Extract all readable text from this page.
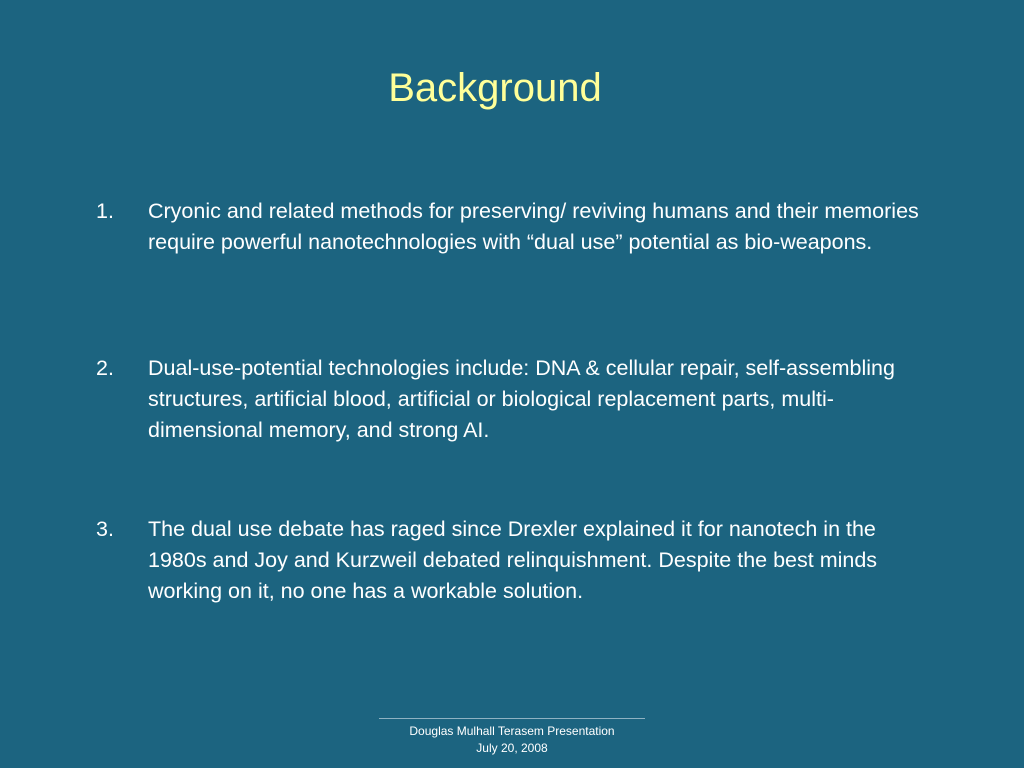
Background
1.	Cryonic and related methods for preserving/ reviving humans and their memories require powerful nanotechnologies with “dual use” potential as bio-weapons.
2.	Dual-use-potential technologies include: DNA & cellular repair, self-assembling structures, artificial blood, artificial or biological replacement parts, multi- dimensional memory, and strong AI.
3.	The dual use debate has raged since Drexler explained it for nanotech in the 1980s and Joy and Kurzweil debated relinquishment. Despite the best minds working on it, no one has a workable solution.
Douglas Mulhall Terasem Presentation
July 20, 2008
